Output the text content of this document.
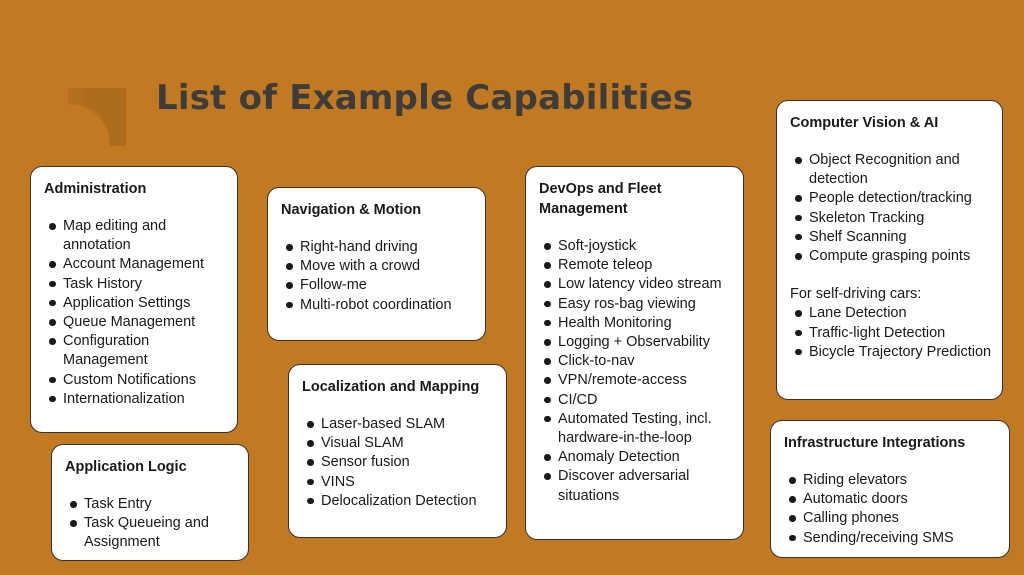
List of Example Capabilities
Administration
Map editing and annotation
Account Management
Task History
Application Settings
Queue Management
Configuration Management
Custom Notifications
Internationalization
Application Logic
Task Entry
Task Queueing and Assignment
Navigation & Motion
Right-hand driving
Move with a crowd
Follow-me
Multi-robot coordination
Localization and Mapping
Laser-based SLAM
Visual SLAM
Sensor fusion
VINS
Delocalization Detection
DevOps and Fleet Management
Soft-joystick
Remote teleop
Low latency video stream
Easy ros-bag viewing
Health Monitoring
Logging + Observability
Click-to-nav
VPN/remote-access
CI/CD
Automated Testing, incl. hardware-in-the-loop
Anomaly Detection
Discover adversarial situations
Computer Vision & AI
Object Recognition and detection
People detection/tracking
Skeleton Tracking
Shelf Scanning
Compute grasping points
For self-driving cars:
Lane Detection
Traffic-light Detection
Bicycle Trajectory Prediction
Infrastructure Integrations
Riding elevators
Automatic doors
Calling phones
Sending/receiving SMS
